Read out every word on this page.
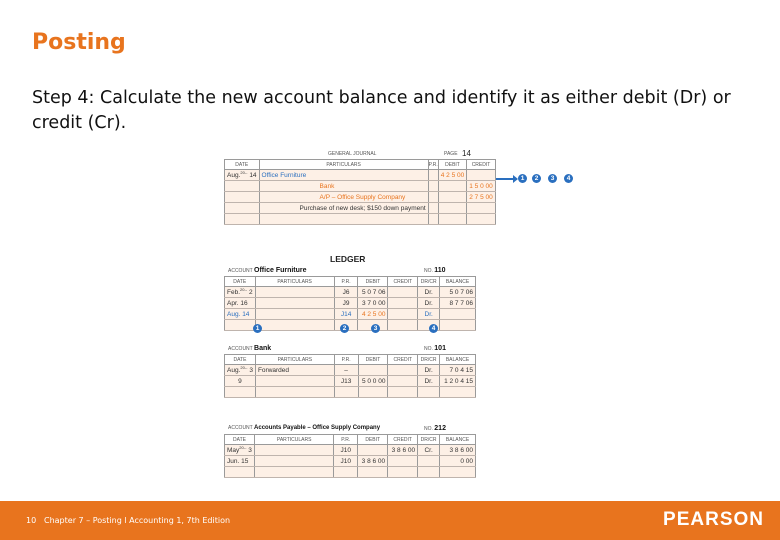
Posting
Step 4: Calculate the new account balance and identify it as either debit (Dr) or credit (Cr).
GENERAL JOURNAL	PAGE 14
DATE	PARTICULARS	P.R.	DEBIT	CREDIT
Aug.$^{20--}$ 14	Office Furniture		4 2 5 00	
	Bank			1 5 0 00
	A/P – Office Supply Company			2 7 5 00
	Purchase of new desk; $150 down payment			

1	2	3	4
LEDGER
ACCOUNT Office Furniture	NO. 110
DATE	PARTICULARS	P.R.	DEBIT	CREDIT	DR/CR	BALANCE
Feb.$^{20--}$ 2		J6	5 0 7 06		Dr.	5 0 7 06
Apr. 16		J9	3 7 0 00		Dr.	8 7 7 06
Aug. 14		J14	4 2 5 00		Dr.	

1	2	3	4
ACCOUNT Bank	NO. 101
DATE	PARTICULARS	P.R.	DEBIT	CREDIT	DR/CR	BALANCE
Aug.$^{20--}$ 3	Forwarded	–			Dr.	7 0 4 15
9		J13	5 0 0 00		Dr.	1 2 0 4 15

ACCOUNT Accounts Payable – Office Supply Company	NO. 212
DATE	PARTICULARS	P.R.	DEBIT	CREDIT	DR/CR	BALANCE
May$^{20--}$ 3		J10		3 8 6 00	Cr.	3 8 6 00
Jun. 15		J10	3 8 6 00			0 00

10 Chapter 7 – Posting l Accounting 1, 7th Edition	PEARSON
